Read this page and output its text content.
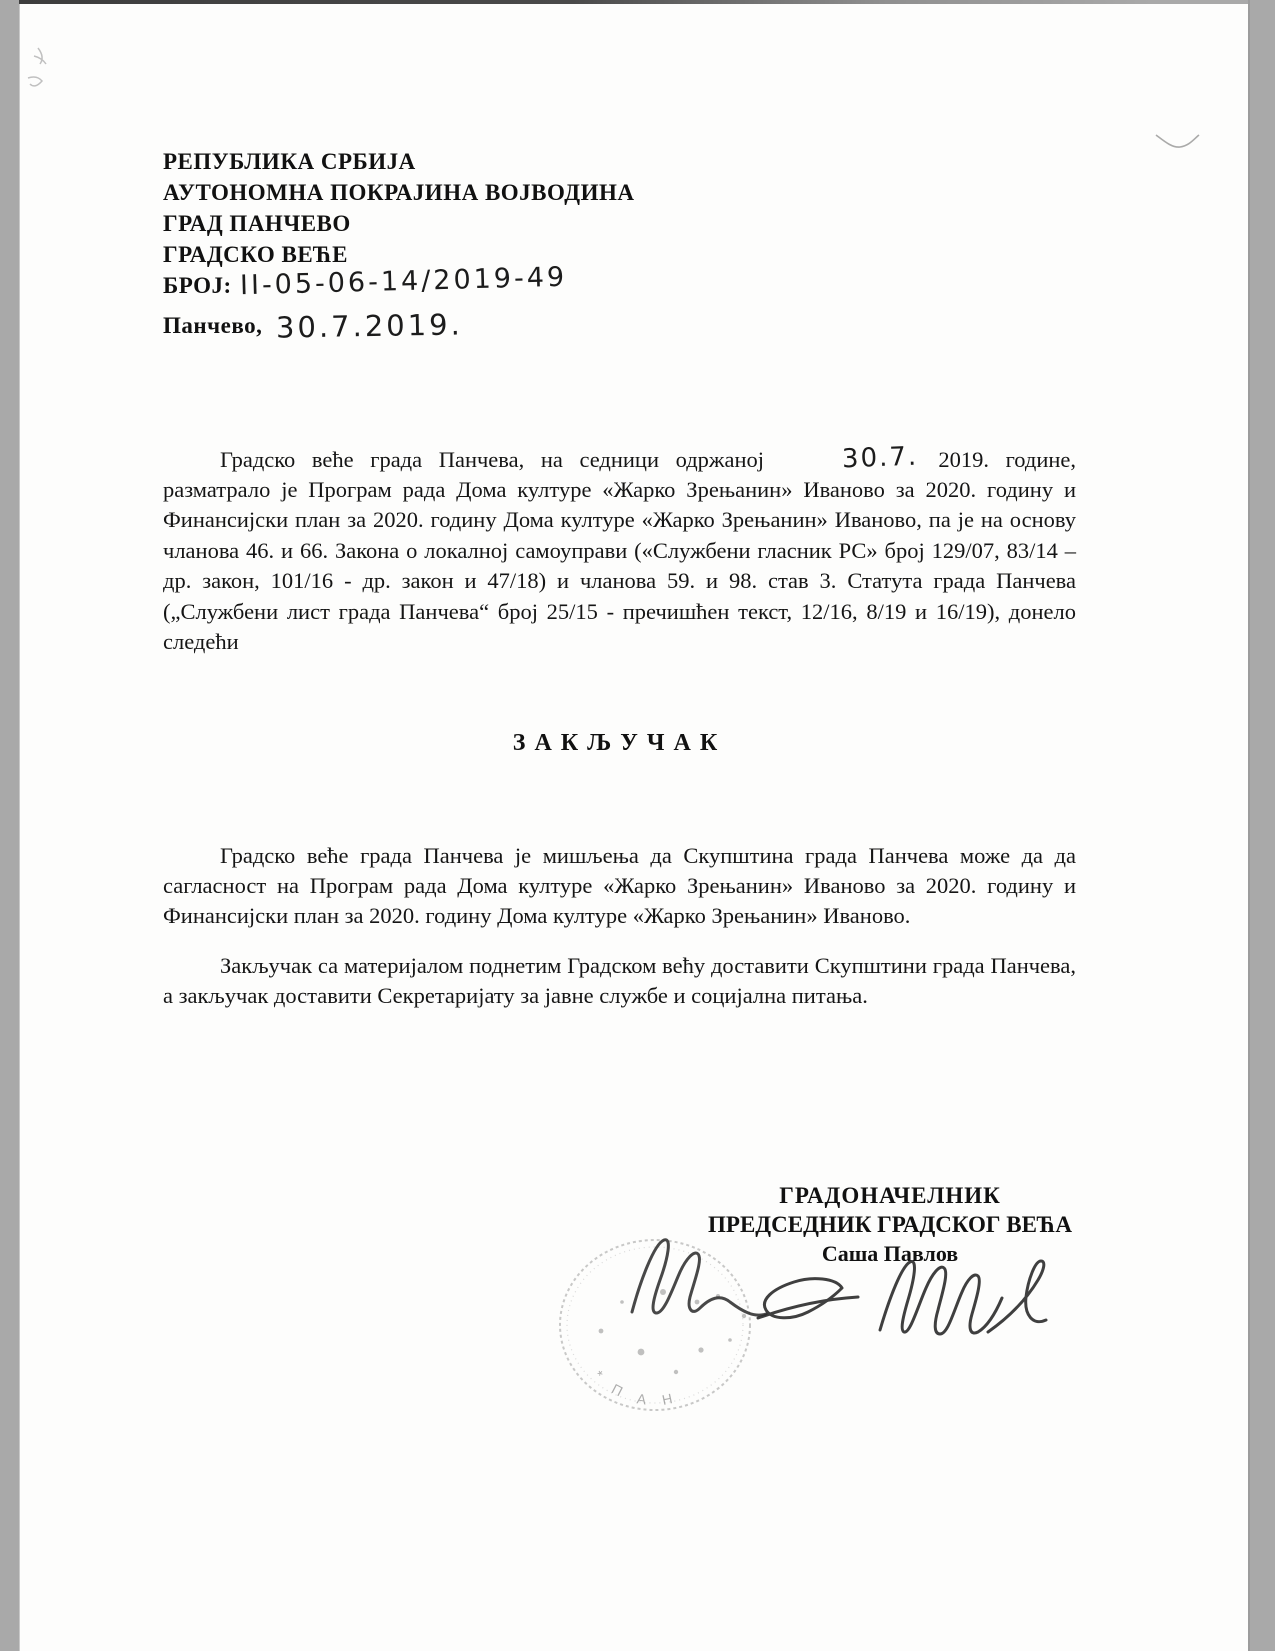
РЕПУБЛИКА СРБИЈА
АУТОНОМНА ПОКРАЈИНА ВОЈВОДИНА
ГРАД ПАНЧЕВО
ГРАДСКО ВЕЋЕ
БРОЈ: II-05-06-14/2019-49
Панчево, 30.7.2019.

Градско веће града Панчева, на седници одржаној	30.7. 2019. године, разматрало је Програм рада Дома културе «Жарко Зрењанин» Иваново за 2020. годину и Финансијски план за 2020. годину Дома културе «Жарко Зрењанин» Иваново, па је на основу чланова 46. и 66. Закона о локалној самоуправи («Службени гласник РС» број 129/07, 83/14 – др. закон, 101/16 - др. закон и 47/18) и чланова 59. и 98. став 3. Статута града Панчева („Службени лист града Панчева“ број 25/15 - пречишћен текст, 12/16, 8/19 и 16/19), донело следећи

ЗАКЉУЧАК

Градско веће града Панчева је мишљења да Скупштина града Панчева може да да сагласност на Програм рада Дома културе «Жарко Зрењанин» Иваново за 2020. годину и Финансијски план за 2020. годину Дома културе «Жарко Зрењанин» Иваново.

Закључак са материјалом поднетим Градском већу доставити Скупштини града Панчева, а закључак доставити Секретаријату за јавне службе и социјална питања.

ГРАДОНАЧЕЛНИК
ПРЕДСЕДНИК ГРАДСКОГ ВЕЋА
Саша Павлов
* П А Н
